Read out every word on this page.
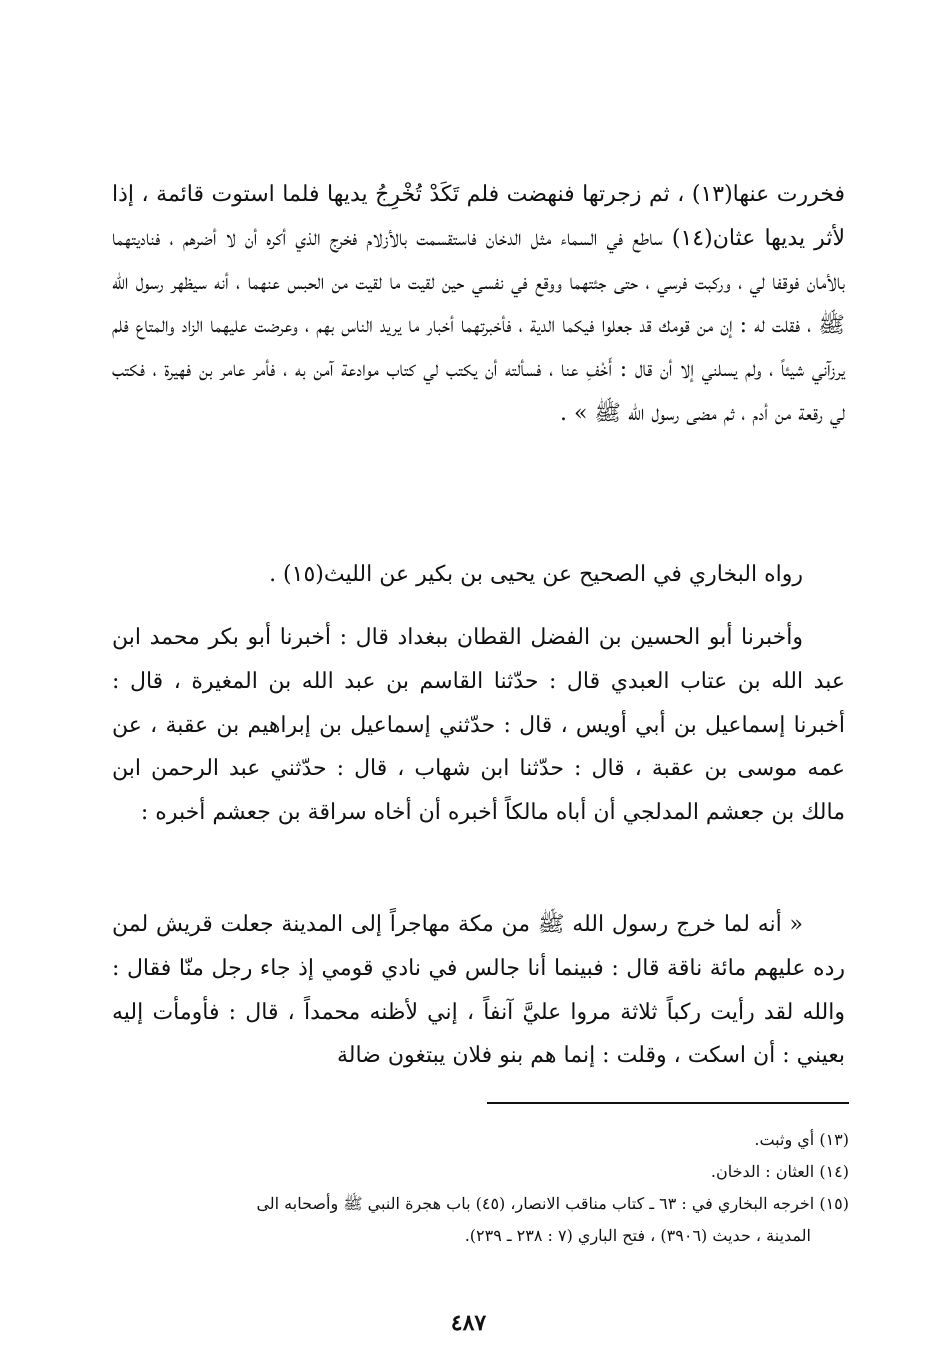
فخررت عنها(١٣) ، ثم زجرتها فنهضت فلم تَكَدْ تُخْرِجُ يديها فلما استوت قائمة ، إذا لأثر يديها عثان(١٤) ساطع في السماء مثل الدخان فاستقسمت بالأزلام فخرج الذي أكره أن لا أضرهم ، فناديتهما بالأمان فوقفا لي ، وركبت فرسي ، حتى جئتهما ووقع في نفسي حين لقيت ما لقيت من الحبس عنهما ، أنه سيظهر رسول الله ﷺ ، فقلت له : إن من قومك قد جعلوا فيكما الدية ، فأخبرتهما أخبار ما يريد الناس بهم ، وعرضت عليهما الزاد والمتاع فلم يرزآني شيئاً ، ولم يسلني إلا أن قال : أَخْفِ عنا ، فسألته أن يكتب لي كتاب موادعة آمن به ، فأمر عامر بن فهيرة ، فكتب لي رقعة من أدم ، ثم مضى رسول الله ﷺ » .

رواه البخاري في الصحيح عن يحيى بن بكير عن الليث(١٥) .

وأخبرنا أبو الحسين بن الفضل القطان ببغداد قال : أخبرنا أبو بكر محمد ابن عبد الله بن عتاب العبدي قال : حدّثنا القاسم بن عبد الله بن المغيرة ، قال : أخبرنا إسماعيل بن أبي أويس ، قال : حدّثني إسماعيل بن إبراهيم بن عقبة ، عن عمه موسى بن عقبة ، قال : حدّثنا ابن شهاب ، قال : حدّثني عبد الرحمن ابن مالك بن جعشم المدلجي أن أباه مالكاً أخبره أن أخاه سراقة بن جعشم أخبره :

« أنه لما خرج رسول الله ﷺ من مكة مهاجراً إلى المدينة جعلت قريش لمن رده عليهم مائة ناقة قال : فبينما أنا جالس في نادي قومي إذ جاء رجل منّا فقال : والله لقد رأيت ركباً ثلاثة مروا عليَّ آنفاً ، إني لأظنه محمداً ، قال : فأومأت إليه بعيني : أن اسكت ، وقلت : إنما هم بنو فلان يبتغون ضالة

(١٣) أي وثبت.

(١٤) العثان : الدخان.

(١٥) اخرجه البخاري في : ٦٣ ـ كتاب مناقب الانصار، (٤٥) باب هجرة النبي ﷺ وأصحابه الى
المدينة ، حديث (٣٩٠٦) ، فتح الباري (٧ : ٢٣٨ ـ ٢٣٩).

٤٨٧
